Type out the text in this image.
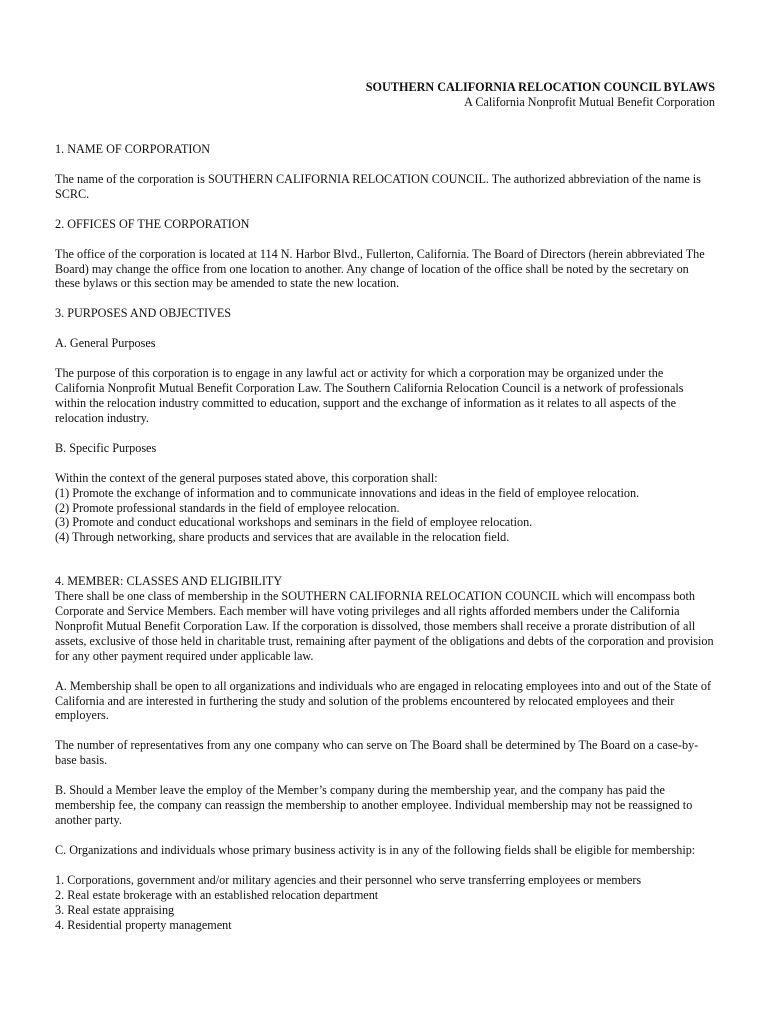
SOUTHERN CALIFORNIA RELOCATION COUNCIL BYLAWS

A California Nonprofit Mutual Benefit Corporation

1. NAME OF CORPORATION

The name of the corporation is SOUTHERN CALIFORNIA RELOCATION COUNCIL. The authorized abbreviation of the name is SCRC.

2. OFFICES OF THE CORPORATION

The office of the corporation is located at 114 N. Harbor Blvd., Fullerton, California. The Board of Directors (herein abbreviated The Board) may change the office from one location to another. Any change of location of the office shall be noted by the secretary on these bylaws or this section may be amended to state the new location.

3. PURPOSES AND OBJECTIVES

A. General Purposes

The purpose of this corporation is to engage in any lawful act or activity for which a corporation may be organized under the California Nonprofit Mutual Benefit Corporation Law. The Southern California Relocation Council is a network of professionals within the relocation industry committed to education, support and the exchange of information as it relates to all aspects of the relocation industry.

B. Specific Purposes

Within the context of the general purposes stated above, this corporation shall:

(1) Promote the exchange of information and to communicate innovations and ideas in the field of employee relocation.

(2) Promote professional standards in the field of employee relocation.

(3) Promote and conduct educational workshops and seminars in the field of employee relocation.

(4) Through networking, share products and services that are available in the relocation field.

4. MEMBER: CLASSES AND ELIGIBILITY

There shall be one class of membership in the SOUTHERN CALIFORNIA RELOCATION COUNCIL which will encompass both Corporate and Service Members. Each member will have voting privileges and all rights afforded members under the California Nonprofit Mutual Benefit Corporation Law. If the corporation is dissolved, those members shall receive a prorate distribution of all assets, exclusive of those held in charitable trust, remaining after payment of the obligations and debts of the corporation and provision for any other payment required under applicable law.

A. Membership shall be open to all organizations and individuals who are engaged in relocating employees into and out of the State of California and are interested in furthering the study and solution of the problems encountered by relocated employees and their employers.

The number of representatives from any one company who can serve on The Board shall be determined by The Board on a case-by-base basis.

B. Should a Member leave the employ of the Member’s company during the membership year, and the company has paid the membership fee, the company can reassign the membership to another employee. Individual membership may not be reassigned to another party.

C. Organizations and individuals whose primary business activity is in any of the following fields shall be eligible for membership:

1. Corporations, government and/or military agencies and their personnel who serve transferring employees or members

2. Real estate brokerage with an established relocation department

3. Real estate appraising

4. Residential property management
